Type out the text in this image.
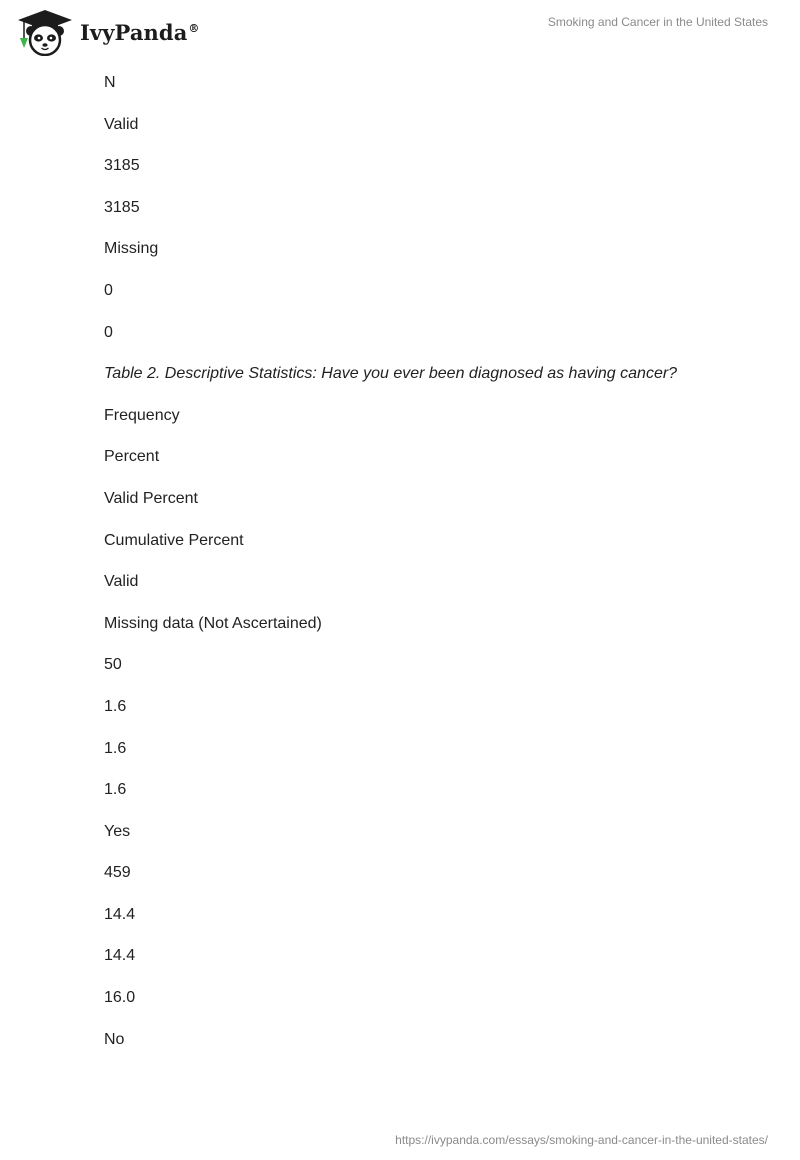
IvyPanda®	Smoking and Cancer in the United States

N

Valid

3185

3185

Missing

0

0

Table 2. Descriptive Statistics: Have you ever been diagnosed as having cancer?

Frequency

Percent

Valid Percent

Cumulative Percent

Valid

Missing data (Not Ascertained)

50

1.6

1.6

1.6

Yes

459

14.4

14.4

16.0

No

https://ivypanda.com/essays/smoking-and-cancer-in-the-united-states/
